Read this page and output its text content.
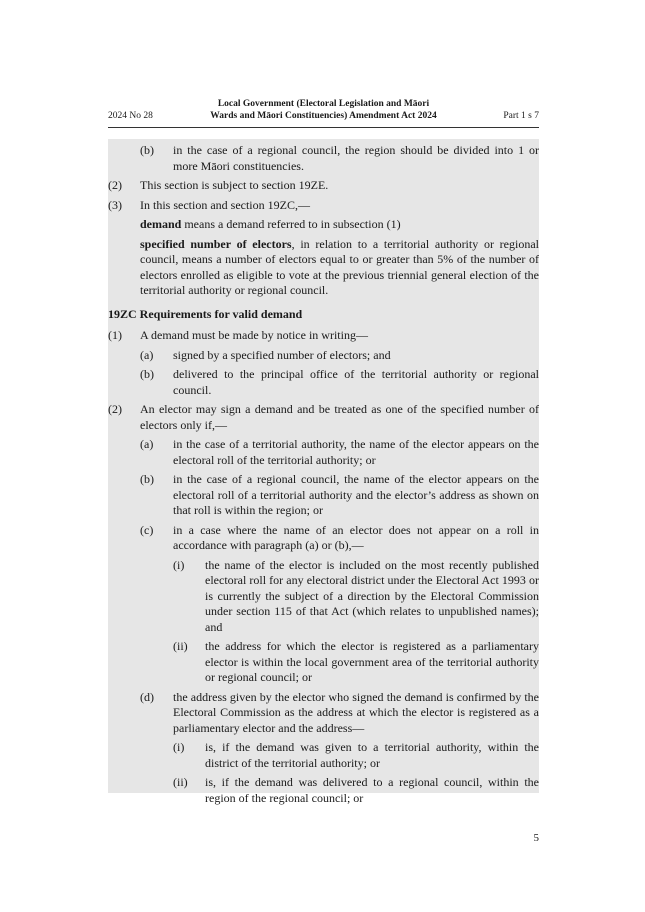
2024 No 28
Local Government (Electoral Legislation and Māori
Wards and Māori Constituencies) Amendment Act 2024	Part 1 s 7
(b) in the case of a regional council, the region should be divided into 1 or more Māori constituencies.
(2) This section is subject to section 19ZE.
(3) In this section and section 19ZC,—
demand means a demand referred to in subsection (1)
specified number of electors, in relation to a territorial authority or regional council, means a number of electors equal to or greater than 5% of the number of electors enrolled as eligible to vote at the previous triennial general election of the territorial authority or regional council.
19ZC Requirements for valid demand
(1) A demand must be made by notice in writing—
(a) signed by a specified number of electors; and
(b) delivered to the principal office of the territorial authority or regional council.
(2) An elector may sign a demand and be treated as one of the specified number of electors only if,—
(a) in the case of a territorial authority, the name of the elector appears on the electoral roll of the territorial authority; or
(b) in the case of a regional council, the name of the elector appears on the electoral roll of a territorial authority and the elector’s address as shown on that roll is within the region; or
(c) in a case where the name of an elector does not appear on a roll in accordance with paragraph (a) or (b),—
(i) the name of the elector is included on the most recently published electoral roll for any electoral district under the Electoral Act 1993 or is currently the subject of a direction by the Electoral Commission under section 115 of that Act (which relates to unpublished names); and
(ii) the address for which the elector is registered as a parliamentary elector is within the local government area of the territorial authority or regional council; or
(d) the address given by the elector who signed the demand is confirmed by the Electoral Commission as the address at which the elector is registered as a parliamentary elector and the address—
(i) is, if the demand was given to a territorial authority, within the district of the territorial authority; or
(ii) is, if the demand was delivered to a regional council, within the region of the regional council; or
5
